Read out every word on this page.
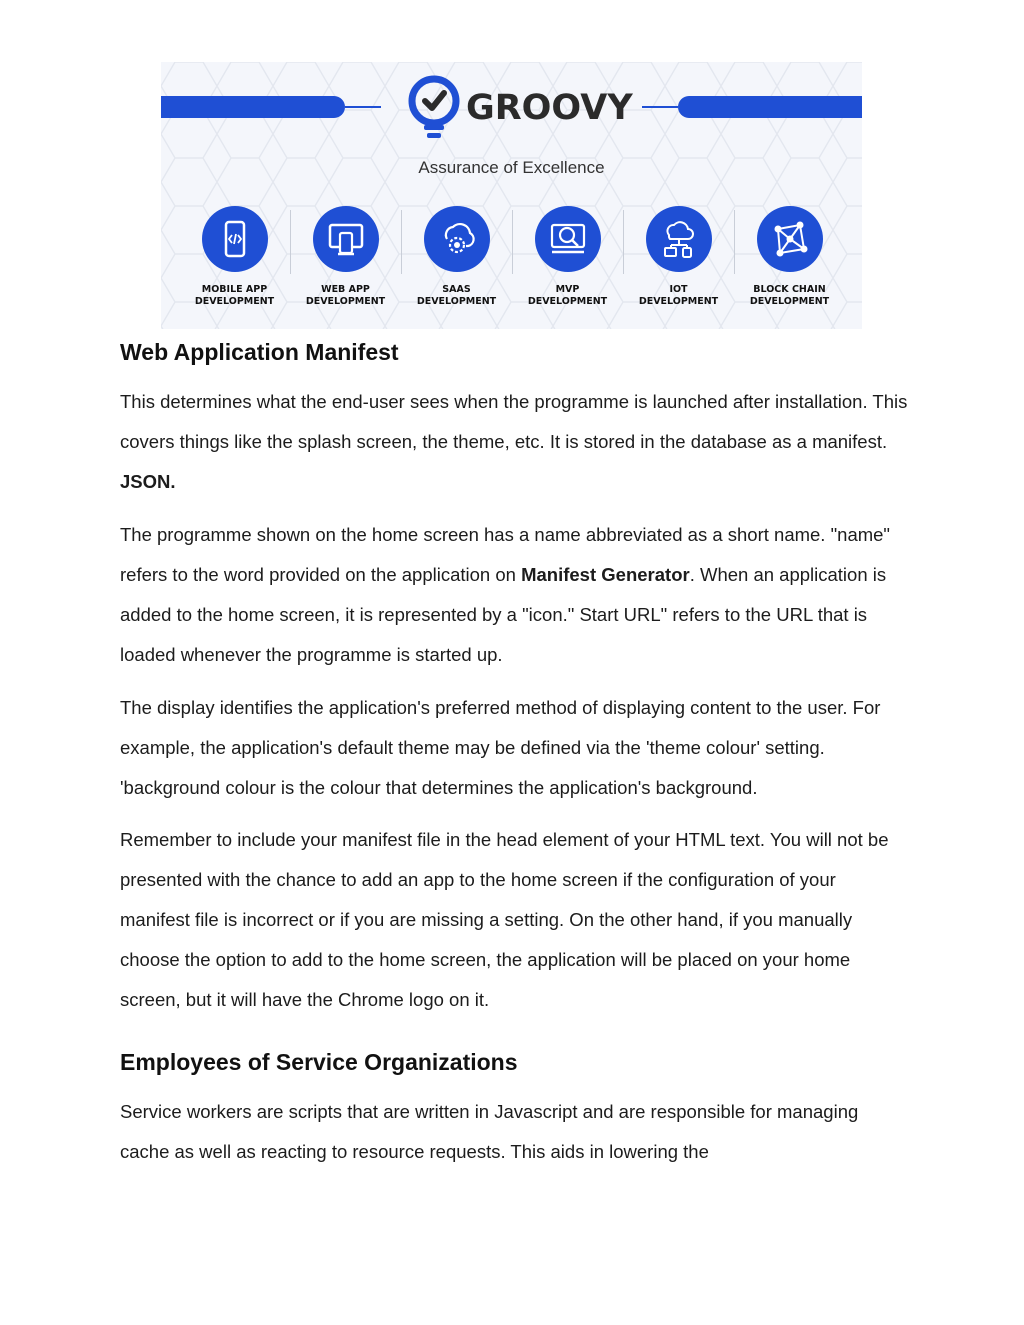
GROOVY
Assurance of Excellence
MOBILE APP
DEVELOPMENT
WEB APP
DEVELOPMENT
SAAS
DEVELOPMENT
MVP
DEVELOPMENT
IOT
DEVELOPMENT
BLOCK CHAIN
DEVELOPMENT
Web Application Manifest

This determines what the end-user sees when the programme is launched after installation. This covers things like the splash screen, the theme, etc. It is stored in the database as a manifest. JSON.

The programme shown on the home screen has a name abbreviated as a short name. "name" refers to the word provided on the application on Manifest Generator. When an application is added to the home screen, it is represented by a "icon." Start URL" refers to the URL that is loaded whenever the programme is started up.

The display identifies the application's preferred method of displaying content to the user. For example, the application's default theme may be defined via the 'theme colour' setting. 'background colour is the colour that determines the application's background.

Remember to include your manifest file in the head element of your HTML text. You will not be presented with the chance to add an app to the home screen if the configuration of your manifest file is incorrect or if you are missing a setting. On the other hand, if you manually choose the option to add to the home screen, the application will be placed on your home screen, but it will have the Chrome logo on it.

Employees of Service Organizations

Service workers are scripts that are written in Javascript and are responsible for managing cache as well as reacting to resource requests. This aids in lowering the
